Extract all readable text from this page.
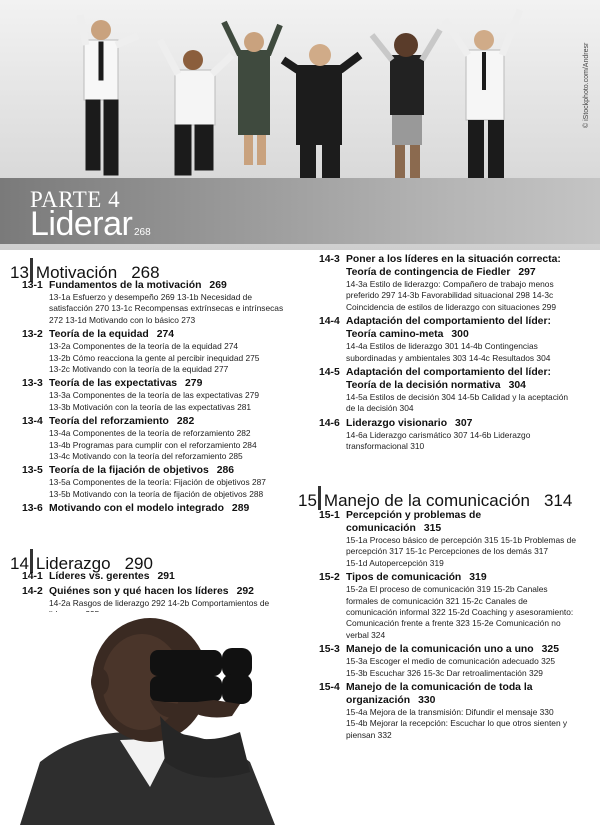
PARTE 4
Liderar 268
© iStockphoto.com/Andresr
13 Motivación 268
13-1 Fundamentos de la motivación 269
13-1a Esfuerzo y desempeño 269 13-1b Necesidad de satisfacción 270 13-1c Recompensas extrínsecas e intrínsecas 272 13-1d Motivando con lo básico 273
13-2 Teoría de la equidad 274
13-2a Componentes de la teoría de la equidad 274
13-2b Cómo reacciona la gente al percibir inequidad 275
13-2c Motivando con la teoría de la equidad 277
13-3 Teoría de las expectativas 279
13-3a Componentes de la teoría de las expectativas 279
13-3b Motivación con la teoría de las expectativas 281
13-4 Teoría del reforzamiento 282
13-4a Componentes de la teoría de reforzamiento 282
13-4b Programas para cumplir con el reforzamiento 284
13-4c Motivando con la teoría del reforzamiento 285
13-5 Teoría de la fijación de objetivos 286
13-5a Componentes de la teoría: Fijación de objetivos 287
13-5b Motivando con la teoría de fijación de objetivos 288
13-6 Motivando con el modelo integrado 289
14 Liderazgo 290
14-1 Líderes vs. gerentes 291
14-2 Quiénes son y qué hacen los líderes 292
14-2a Rasgos de liderazgo 292 14-2b Comportamientos de
14-3 Poner a los líderes en la situación correcta: Teoría de contingencia de Fiedler 297
14-3a Estilo de liderazgo: Compañero de trabajo menos preferido 297 14-3b Favorabilidad situacional 298 14-3c Coincidencia de estilos de liderazgo con situaciones 299
14-4 Adaptación del comportamiento del líder: Teoría camino-meta 300
14-4a Estilos de liderazgo 301 14-4b Contingencias subordinadas y ambientales 303 14-4c Resultados 304
14-5 Adaptación del comportamiento del líder: Teoría de la decisión normativa 304
14-5a Estilos de decisión 304 14-5b Calidad y la aceptación de la decisión 304
14-6 Liderazgo visionario 307
14-6a Liderazgo carismático 307 14-6b Liderazgo transformacional 310
15 Manejo de la comunicación 314
15-1 Percepción y problemas de comunicación 315
15-1a Proceso básico de percepción 315 15-1b Problemas de percepción 317 15-1c Percepciones de los demás 317
15-1d Autopercepción 319
15-2 Tipos de comunicación 319
15-2a El proceso de comunicación 319 15-2b Canales formales de comunicación 321 15-2c Canales de comunicación informal 322 15-2d Coaching y asesoramiento: Comunicación frente a frente 323 15-2e Comunicación no verbal 324
15-3 Manejo de la comunicación uno a uno 325
15-3a Escoger el medio de comunicación adecuado 325
15-3b Escuchar 326 15-3c Dar retroalimentación 329
15-4 Manejo de la comunicación de toda la organización 330
15-4a Mejora de la transmisión: Difundir el mensaje 330
15-4b Mejorar la recepción: Escuchar lo que otros sienten y piensan 332
